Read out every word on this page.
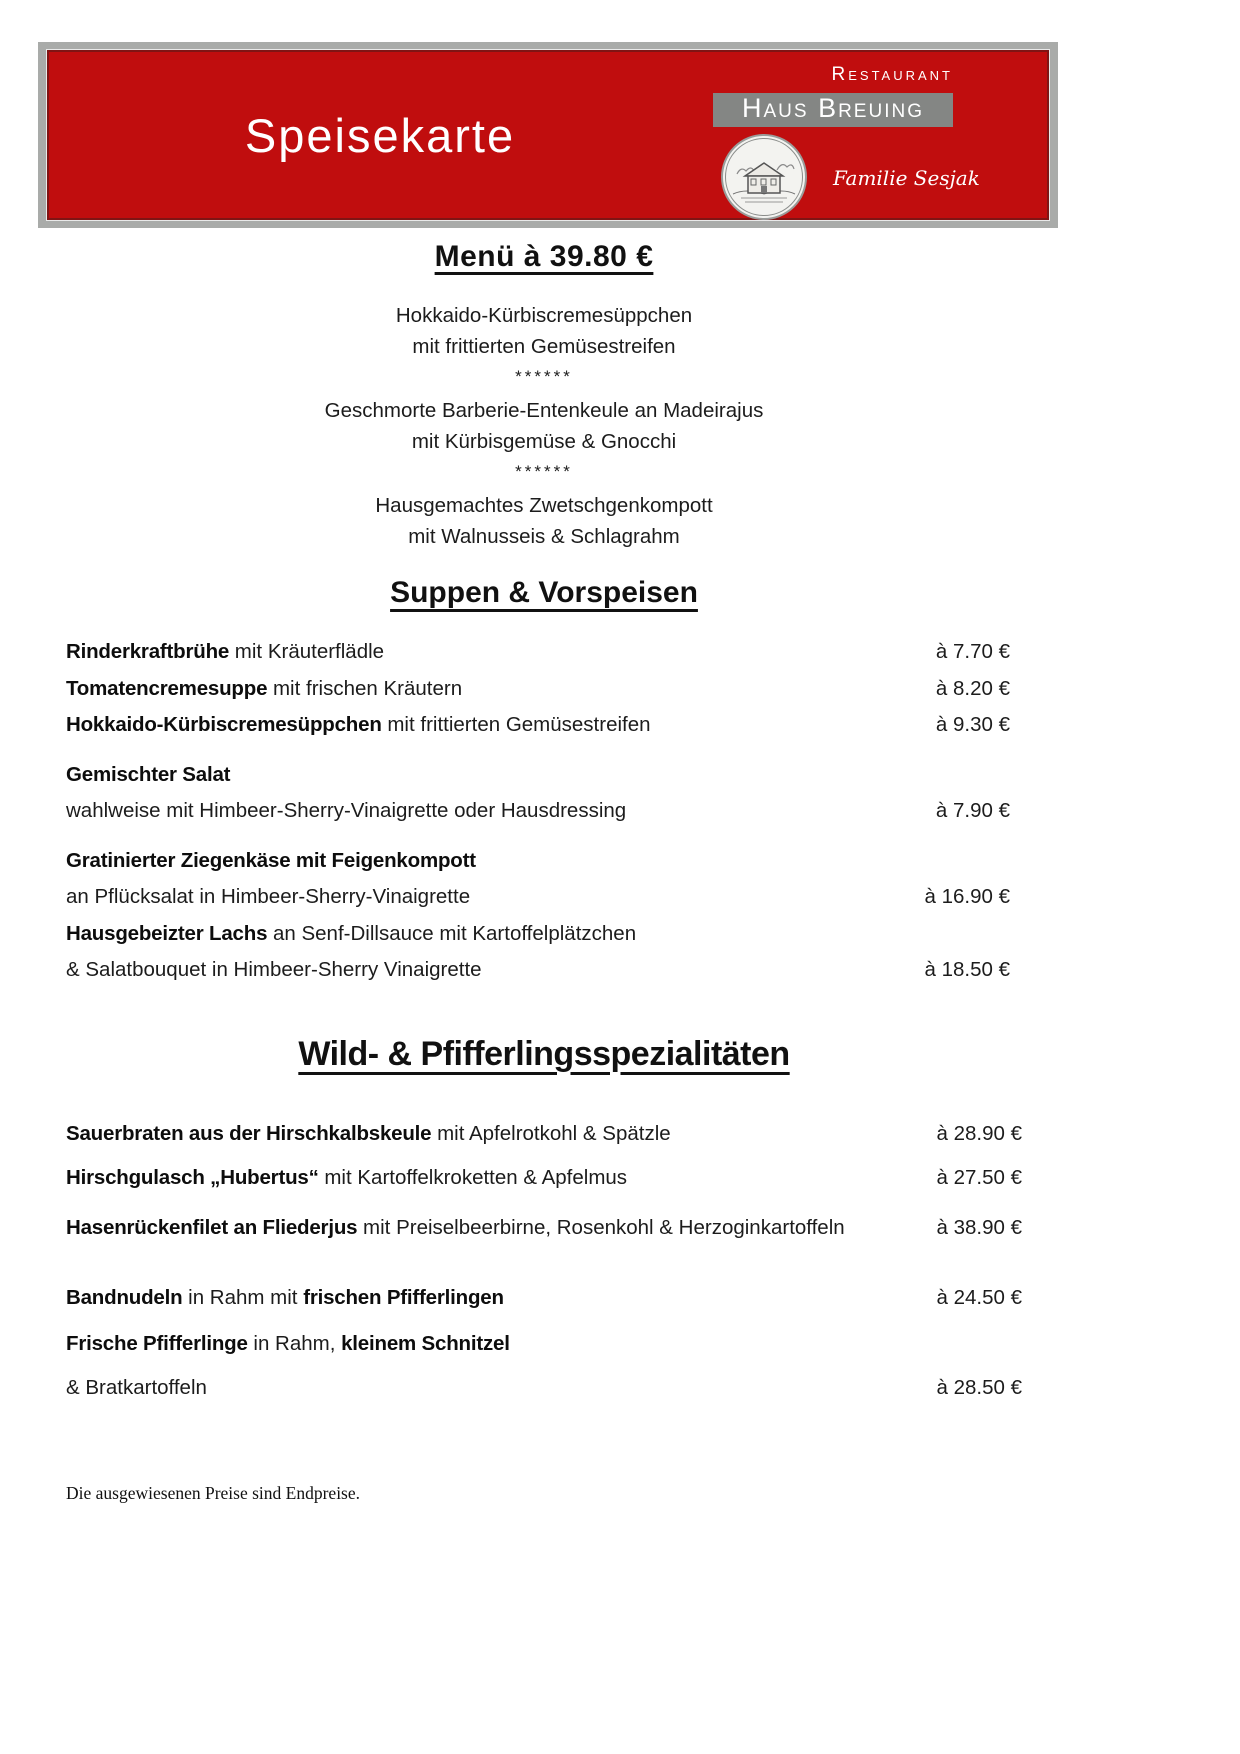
Speisekarte
Restaurant
Haus Breuing
Familie Sesjak
Menü à 39.80 €
Hokkaido-Kürbiscremesüppchen
mit frittierten Gemüsestreifen
******
Geschmorte Barberie-Entenkeule an Madeirajus
mit Kürbisgemüse & Gnocchi
******
Hausgemachtes Zwetschgenkompott
mit Walnusseis & Schlagrahm
Suppen & Vorspeisen
Rinderkraftbrühe mit Kräuterflädle	à 7.70 €
Tomatencremesuppe mit frischen Kräutern	à 8.20 €
Hokkaido-Kürbiscremesüppchen mit frittierten Gemüsestreifen	à 9.30 €
Gemischter Salat
wahlweise mit Himbeer-Sherry-Vinaigrette oder Hausdressing	à 7.90 €
Gratinierter Ziegenkäse mit Feigenkompott
an Pflücksalat in Himbeer-Sherry-Vinaigrette	à 16.90 €
Hausgebeizter Lachs an Senf-Dillsauce mit Kartoffelplätzchen
& Salatbouquet in Himbeer-Sherry Vinaigrette	à 18.50 €
Wild- & Pfifferlingsspezialitäten
Sauerbraten aus der Hirschkalbskeule mit Apfelrotkohl & Spätzle	à 28.90 €
Hirschgulasch „Hubertus“ mit Kartoffelkroketten & Apfelmus	à 27.50 €
Hasenrückenfilet an Fliederjus mit Preiselbeerbirne, Rosenkohl & Herzoginkartoffeln	à 38.90 €
Bandnudeln in Rahm mit frischen Pfifferlingen	à 24.50 €
Frische Pfifferlinge in Rahm, kleinem Schnitzel
& Bratkartoffeln	à 28.50 €
Die ausgewiesenen Preise sind Endpreise.
